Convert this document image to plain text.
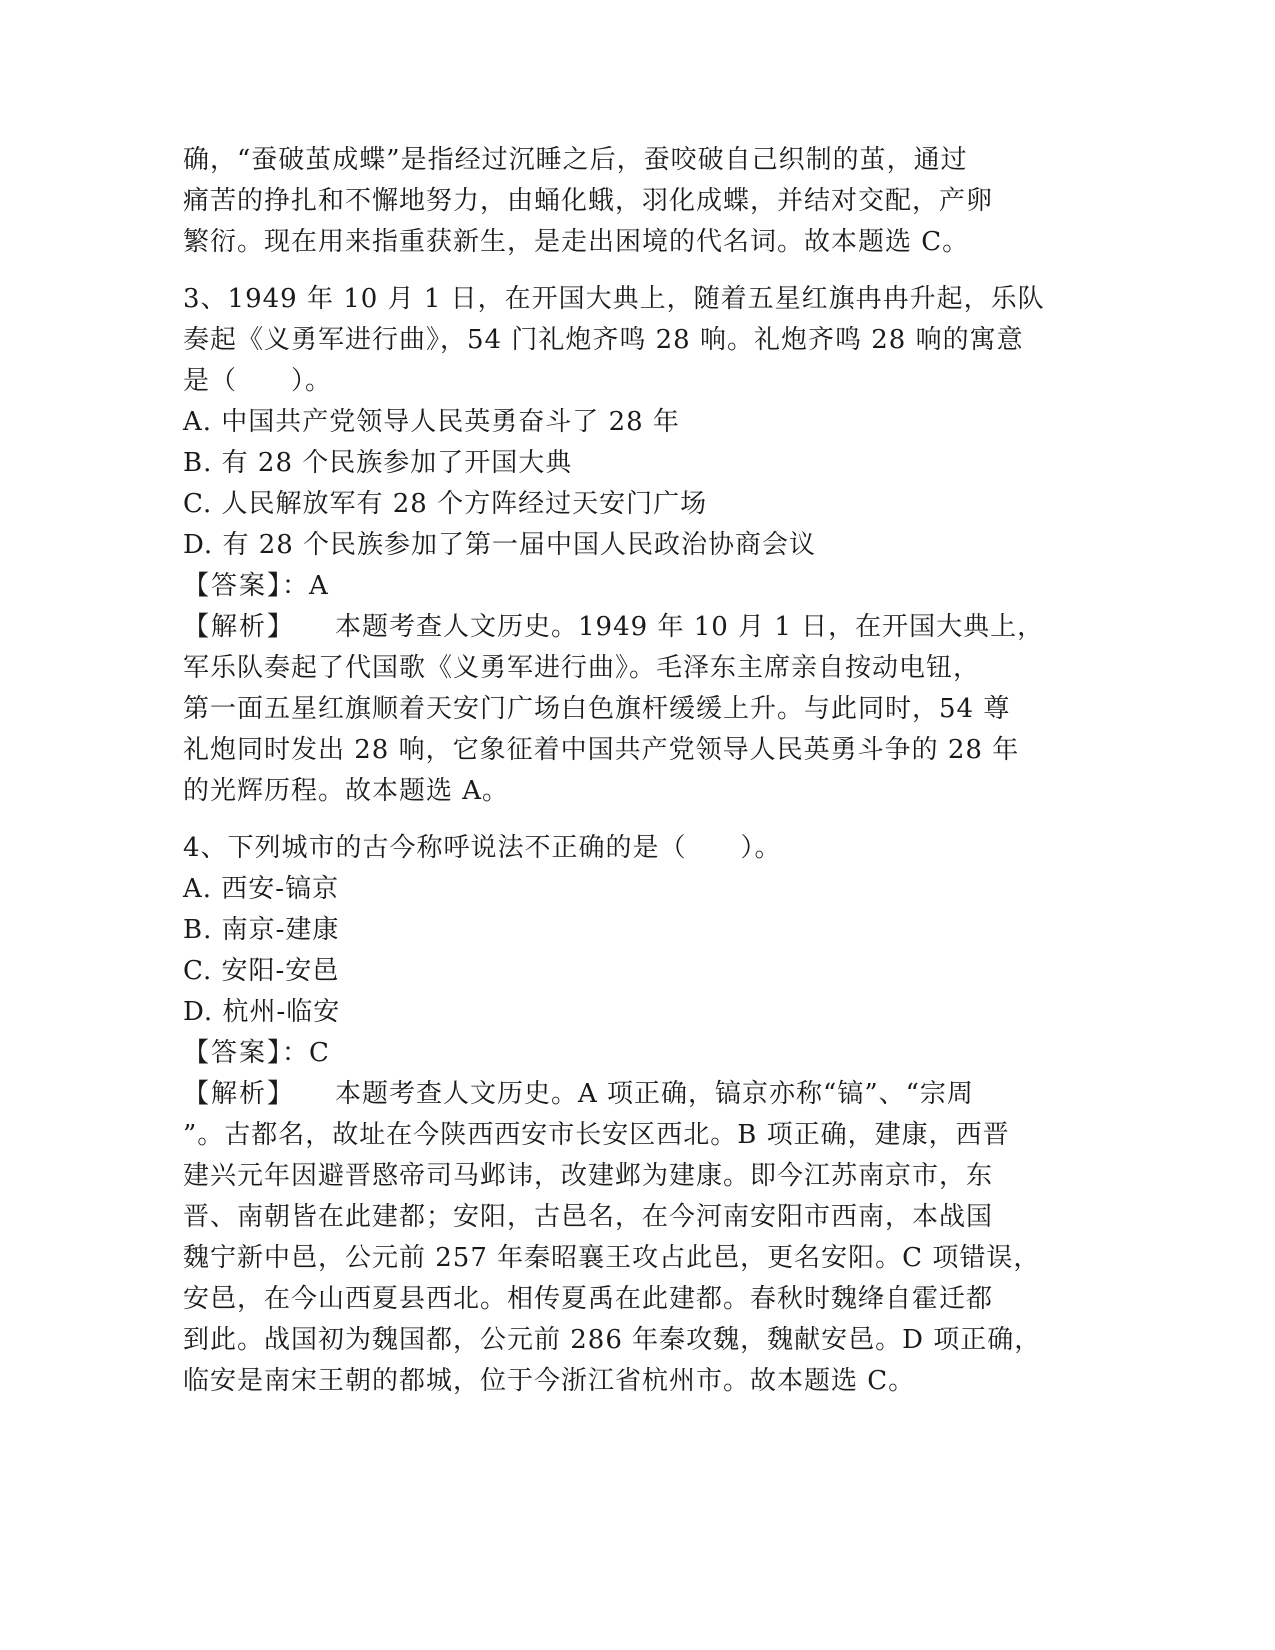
确，“蚕破茧成蝶”是指经过沉睡之后，蚕咬破自己织制的茧，通过
痛苦的挣扎和不懈地努力，由蛹化蛾，羽化成蝶，并结对交配，产卵
繁衍。现在用来指重获新生，是走出困境的代名词。故本题选 C。
3、1949 年 10 月 1 日，在开国大典上，随着五星红旗冉冉升起，乐队
奏起《义勇军进行曲》，54 门礼炮齐鸣 28 响。礼炮齐鸣 28 响的寓意
是（　　）。
A. 中国共产党领导人民英勇奋斗了 28 年
B. 有 28 个民族参加了开国大典
C. 人民解放军有 28 个方阵经过天安门广场
D. 有 28 个民族参加了第一届中国人民政治协商会议
【答案】：A
【解析】 本题考查人文历史。1949 年 10 月 1 日，在开国大典上，
军乐队奏起了代国歌《义勇军进行曲》。毛泽东主席亲自按动电钮，
第一面五星红旗顺着天安门广场白色旗杆缓缓上升。与此同时，54 尊
礼炮同时发出 28 响，它象征着中国共产党领导人民英勇斗争的 28 年
的光辉历程。故本题选 A。
4、下列城市的古今称呼说法不正确的是（　　）。
A. 西安-镐京
B. 南京-建康
C. 安阳-安邑
D. 杭州-临安
【答案】：C
【解析】 本题考查人文历史。A 项正确，镐京亦称“镐”、“宗周
”。古都名，故址在今陕西西安市长安区西北。B 项正确，建康，西晋
建兴元年因避晋愍帝司马邺讳，改建邺为建康。即今江苏南京市，东
晋、南朝皆在此建都；安阳，古邑名，在今河南安阳市西南，本战国
魏宁新中邑，公元前 257 年秦昭襄王攻占此邑，更名安阳。C 项错误，
安邑，在今山西夏县西北。相传夏禹在此建都。春秋时魏绛自霍迁都
到此。战国初为魏国都，公元前 286 年秦攻魏，魏献安邑。D 项正确，
临安是南宋王朝的都城，位于今浙江省杭州市。故本题选 C。
